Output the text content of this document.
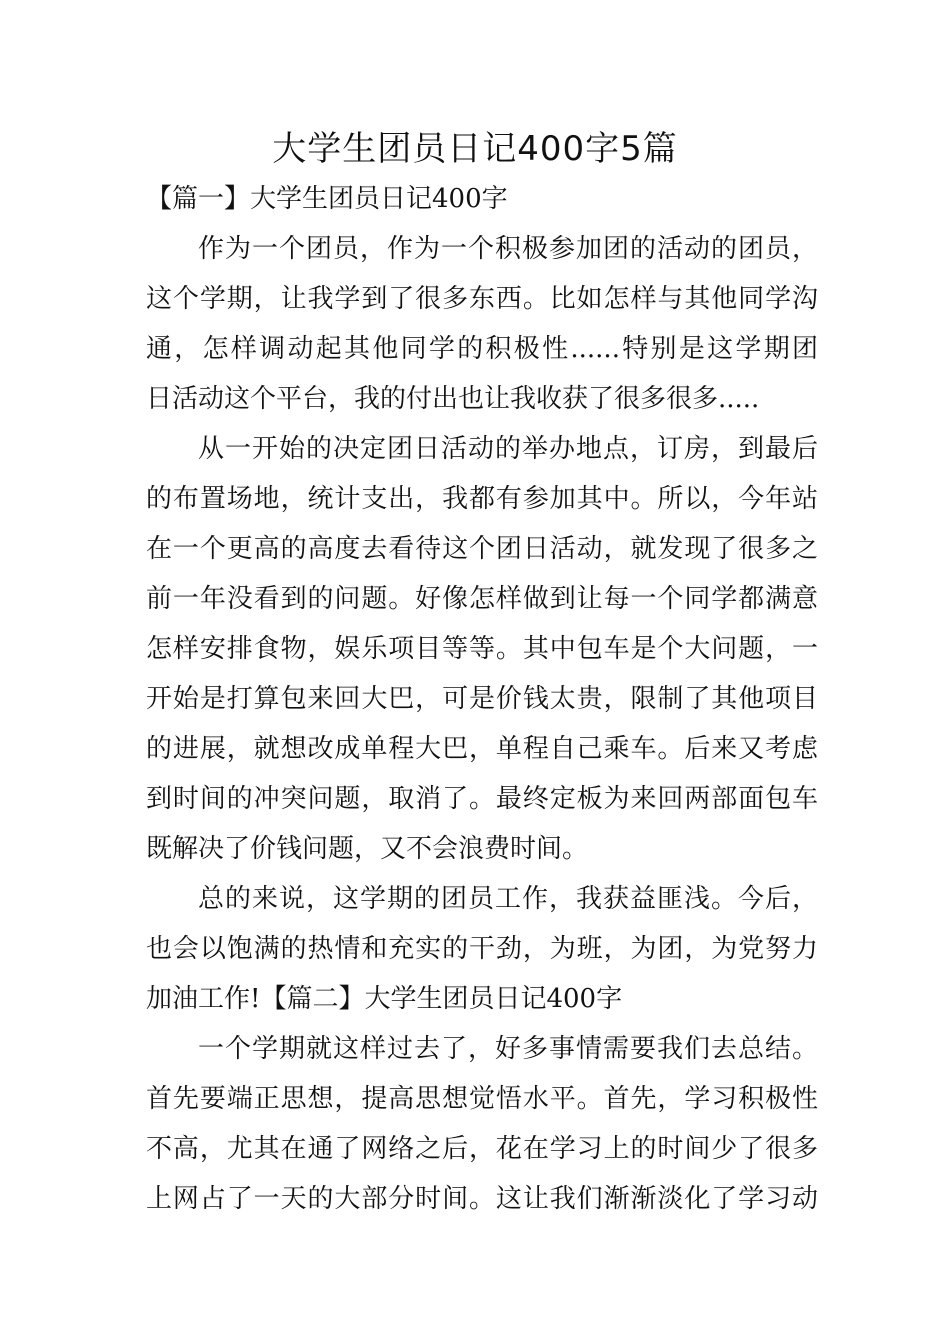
大学生团员日记400字5篇

【篇一】大学生团员日记400字

作为一个团员，作为一个积极参加团的活动的团员，

这个学期，让我学到了很多东西。比如怎样与其他同学沟

通，怎样调动起其他同学的积极性......特别是这学期团

日活动这个平台，我的付出也让我收获了很多很多.....

从一开始的决定团日活动的举办地点，订房，到最后

的布置场地，统计支出，我都有参加其中。所以，今年站

在一个更高的高度去看待这个团日活动，就发现了很多之

前一年没看到的问题。好像怎样做到让每一个同学都满意

怎样安排食物，娱乐项目等等。其中包车是个大问题，一

开始是打算包来回大巴，可是价钱太贵，限制了其他项目

的进展，就想改成单程大巴，单程自己乘车。后来又考虑

到时间的冲突问题，取消了。最终定板为来回两部面包车

既解决了价钱问题，又不会浪费时间。

总的来说，这学期的团员工作，我获益匪浅。今后，

也会以饱满的热情和充实的干劲，为班，为团，为党努力

加油工作!【篇二】大学生团员日记400字

一个学期就这样过去了，好多事情需要我们去总结。

首先要端正思想，提高思想觉悟水平。首先，学习积极性

不高，尤其在通了网络之后，花在学习上的时间少了很多

上网占了一天的大部分时间。这让我们渐渐淡化了学习动
